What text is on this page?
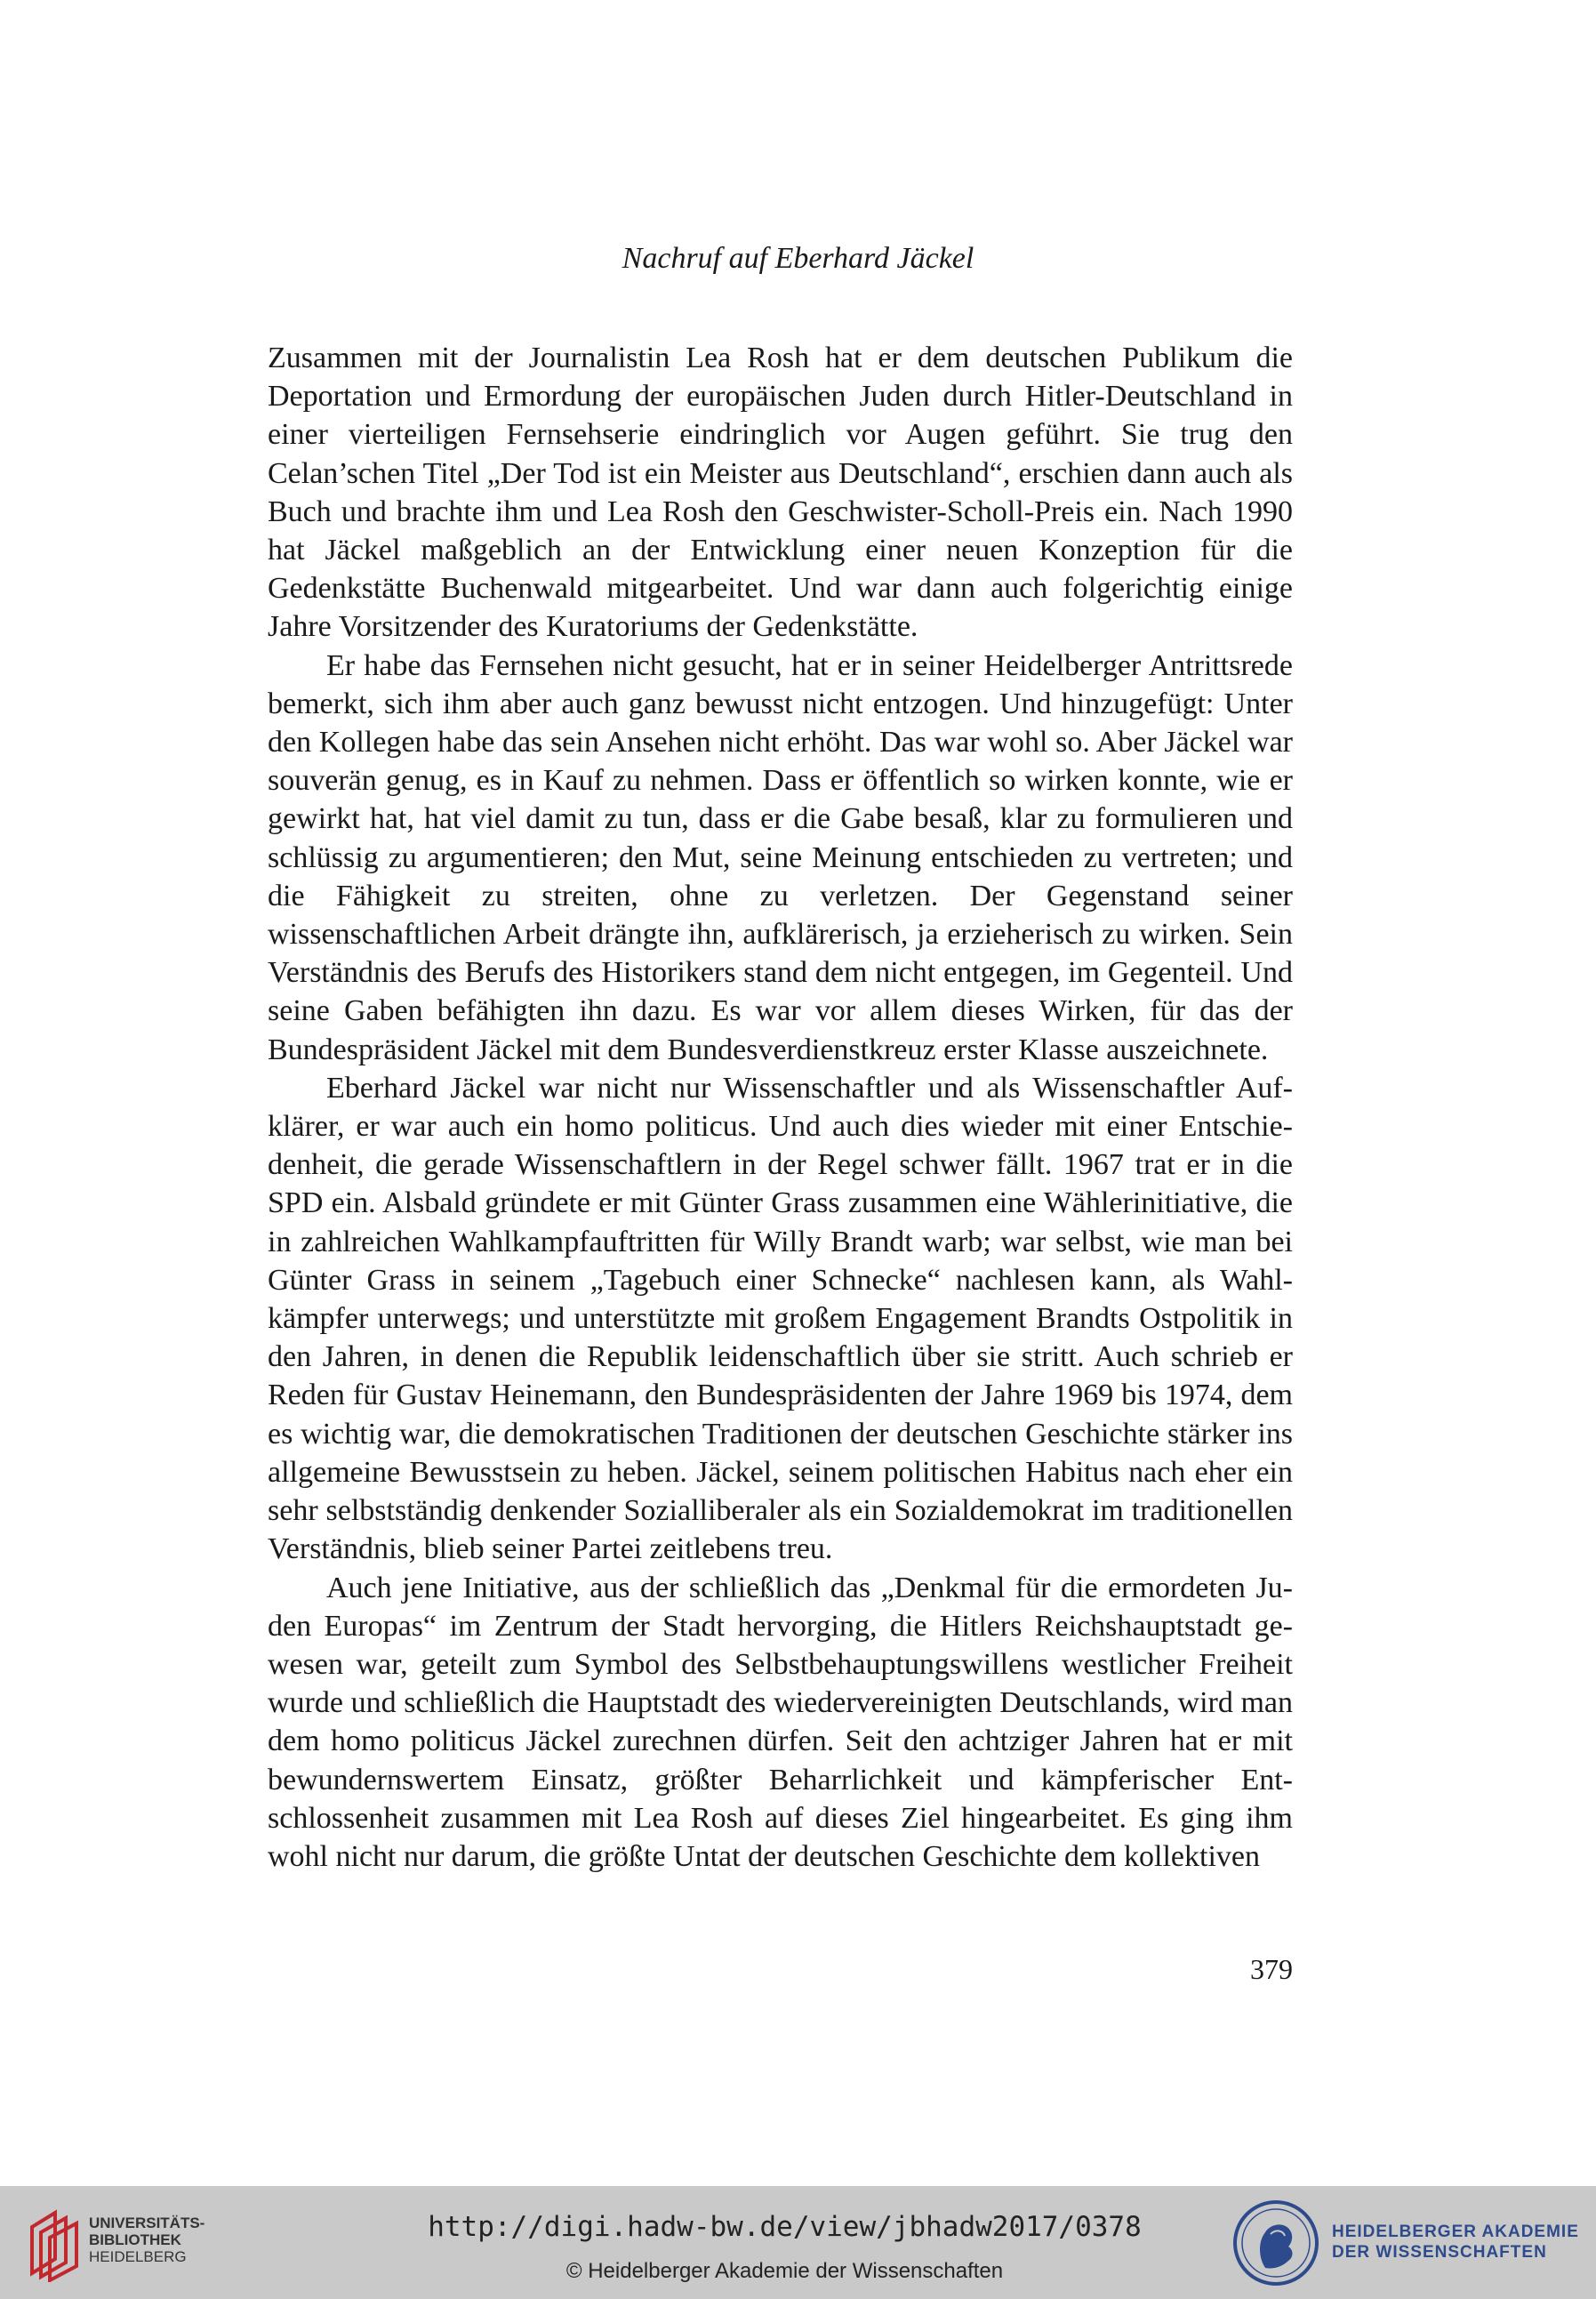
Nachruf auf Eberhard Jäckel

Zusammen mit der Journalistin Lea Rosh hat er dem deutschen Publikum die Deportation und Ermordung der europäischen Juden durch Hitler-Deutschland in einer vierteiligen Fernsehserie eindringlich vor Augen geführt. Sie trug den Celan’schen Titel „Der Tod ist ein Meister aus Deutschland“, erschien dann auch als Buch und brachte ihm und Lea Rosh den Geschwister-Scholl-Preis ein. Nach 1990 hat Jäckel maßgeblich an der Entwicklung einer neuen Konzeption für die Gedenkstätte Buchenwald mitgearbeitet. Und war dann auch folgerichtig einige Jahre Vorsitzender des Kuratoriums der Gedenkstätte.

Er habe das Fernsehen nicht gesucht, hat er in seiner Heidelberger Antrittsrede bemerkt, sich ihm aber auch ganz bewusst nicht entzogen. Und hinzugefügt: Unter den Kollegen habe das sein Ansehen nicht erhöht. Das war wohl so. Aber Jäckel war souverän genug, es in Kauf zu nehmen. Dass er öffentlich so wirken konnte, wie er gewirkt hat, hat viel damit zu tun, dass er die Gabe besaß, klar zu formulieren und schlüssig zu argumentieren; den Mut, seine Meinung entschieden zu vertreten; und die Fähigkeit zu streiten, ohne zu verletzen. Der Gegenstand seiner wissenschaftlichen Arbeit drängte ihn, aufklärerisch, ja erzieherisch zu wirken. Sein Verständnis des Berufs des Historikers stand dem nicht entgegen, im Gegenteil. Und seine Gaben befähigten ihn dazu. Es war vor allem dieses Wirken, für das der Bundespräsident Jäckel mit dem Bundesverdienstkreuz erster Klasse auszeichnete.

Eberhard Jäckel war nicht nur Wissenschaftler und als Wissenschaftler Aufklärer, er war auch ein homo politicus. Und auch dies wieder mit einer Entschiedenheit, die gerade Wissenschaftlern in der Regel schwer fällt. 1967 trat er in die SPD ein. Alsbald gründete er mit Günter Grass zusammen eine Wählerinitiative, die in zahlreichen Wahlkampfauftritten für Willy Brandt warb; war selbst, wie man bei Günter Grass in seinem „Tagebuch einer Schnecke“ nachlesen kann, als Wahlkämpfer unterwegs; und unterstützte mit großem Engagement Brandts Ostpolitik in den Jahren, in denen die Republik leidenschaftlich über sie stritt. Auch schrieb er Reden für Gustav Heinemann, den Bundespräsidenten der Jahre 1969 bis 1974, dem es wichtig war, die demokratischen Traditionen der deutschen Geschichte stärker ins allgemeine Bewusstsein zu heben. Jäckel, seinem politischen Habitus nach eher ein sehr selbstständig denkender Sozialliberaler als ein Sozialdemokrat im traditionellen Verständnis, blieb seiner Partei zeitlebens treu.

Auch jene Initiative, aus der schließlich das „Denkmal für die ermordeten Juden Europas“ im Zentrum der Stadt hervorging, die Hitlers Reichshauptstadt gewesen war, geteilt zum Symbol des Selbstbehauptungswillens westlicher Freiheit wurde und schließlich die Hauptstadt des wiedervereinigten Deutschlands, wird man dem homo politicus Jäckel zurechnen dürfen. Seit den achtziger Jahren hat er mit bewundernswertem Einsatz, größter Beharrlichkeit und kämpferischer Entschlossenheit zusammen mit Lea Rosh auf dieses Ziel hingearbeitet. Es ging ihm wohl nicht nur darum, die größte Untat der deutschen Geschichte dem kollektiven

379
UNIVERSITÄTS-
BIBLIOTHEK
HEIDELBERG
http://digi.hadw-bw.de/view/jbhadw2017/0378
© Heidelberger Akademie der Wissenschaften
HEIDELBERGER AKADEMIE
DER WISSENSCHAFTEN
